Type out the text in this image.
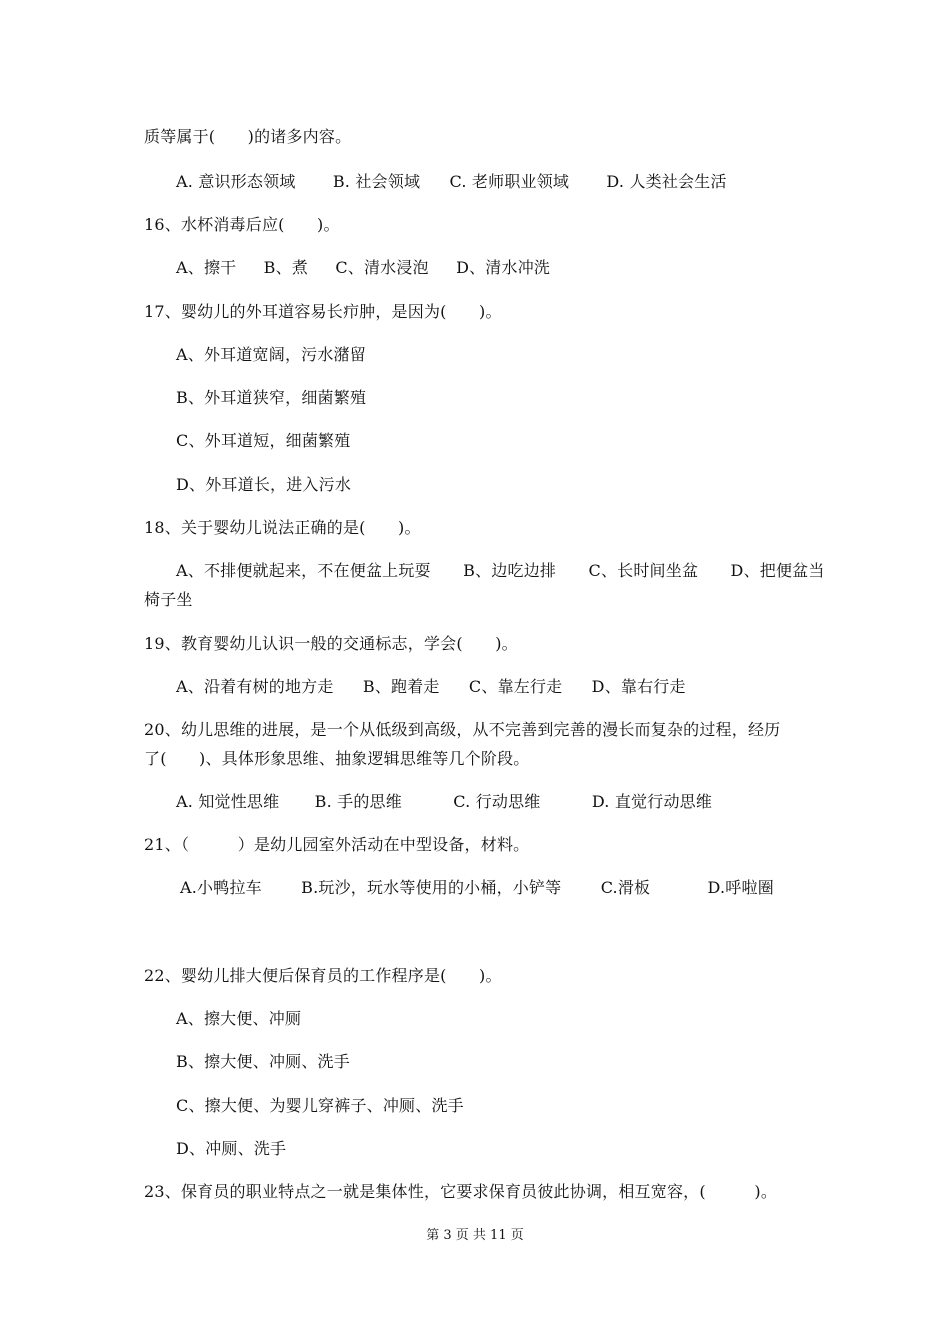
质等属于(　　)的诸多内容。
A. 意识形态领域 B. 社会领域 C. 老师职业领域 D. 人类社会生活
16、水杯消毒后应(　　)。
A、擦干 B、煮 C、清水浸泡 D、清水冲洗
17、婴幼儿的外耳道容易长疖肿，是因为(　　)。
A、外耳道宽阔，污水潴留
B、外耳道狭窄，细菌繁殖
C、外耳道短，细菌繁殖
D、外耳道长，进入污水
18、关于婴幼儿说法正确的是(　　)。
A、不排便就起来，不在便盆上玩耍　　B、边吃边排　　C、长时间坐盆　　D、把便盆当
椅子坐
19、教育婴幼儿认识一般的交通标志，学会(　　)。
A、沿着有树的地方走 B、跑着走 C、靠左行走 D、靠右行走
20、幼儿思维的进展，是一个从低级到高级，从不完善到完善的漫长而复杂的过程，经历
了(　　)、具体形象思维、抽象逻辑思维等几个阶段。
A. 知觉性思维 B. 手的思维	C. 行动思维	D. 直觉行动思维
21、（　　　）是幼儿园室外活动在中型设备，材料。
A.小鸭拉车 B.玩沙，玩水等使用的小桶，小铲等 C.滑板	D.呼啦圈
22、婴幼儿排大便后保育员的工作程序是(　　)。
A、擦大便、冲厕
B、擦大便、冲厕、洗手
C、擦大便、为婴儿穿裤子、冲厕、洗手
D、冲厕、洗手
23、保育员的职业特点之一就是集体性，它要求保育员彼此协调，相互宽容，(　　　)。
第 3 页 共 11 页
